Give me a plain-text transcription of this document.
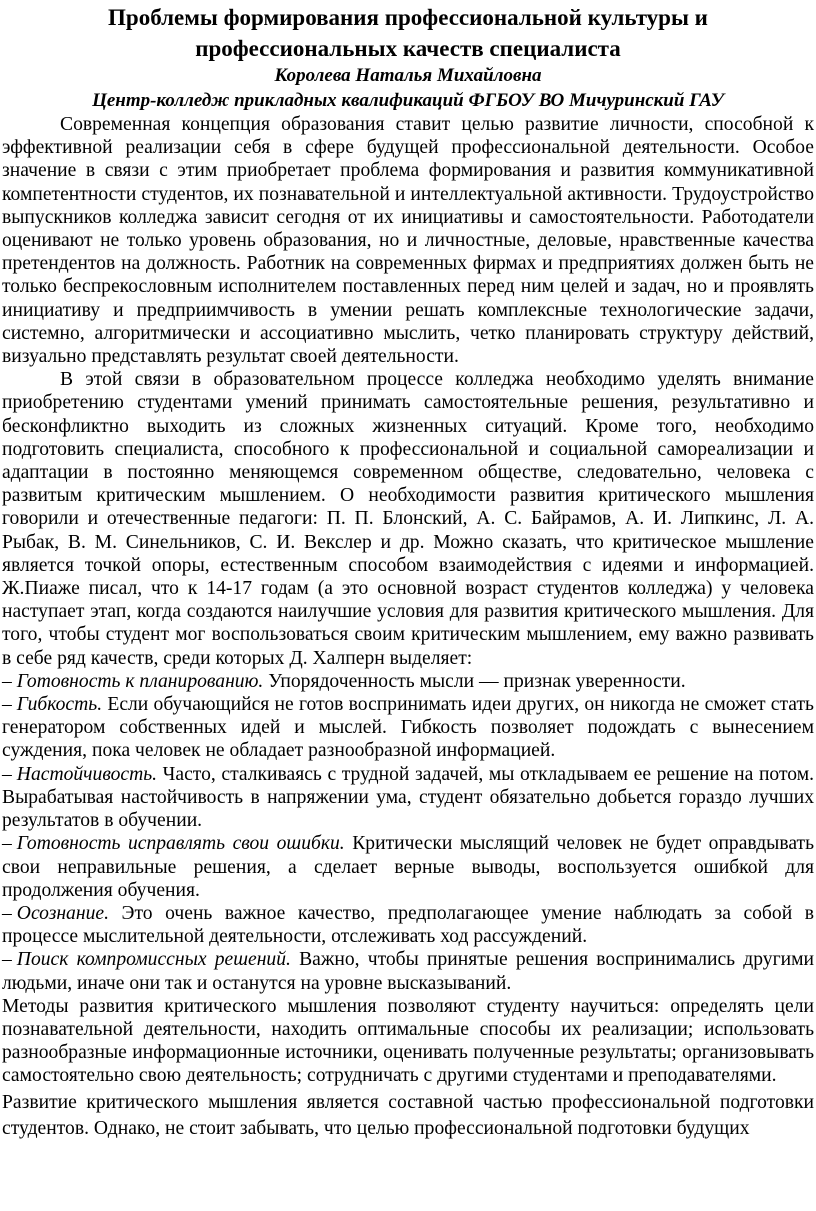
Проблемы формирования профессиональной культуры и
профессиональных качеств специалиста

Королева Наталья Михайловна

Центр-колледж прикладных квалификаций ФГБОУ ВО Мичуринский ГАУ

Современная концепция образования ставит целью развитие личности, способной к эффективной реализации себя в сфере будущей профессиональной деятельности. Особое значение в связи с этим приобретает проблема формирования и развития коммуникативной компетентности студентов, их познавательной и интеллектуальной активности. Трудоустройство выпускников колледжа зависит сегодня от их инициативы и самостоятельности. Работодатели оценивают не только уровень образования, но и личностные, деловые, нравственные качества претендентов на должность. Работник на современных фирмах и предприятиях должен быть не только беспрекословным исполнителем поставленных перед ним целей и задач, но и проявлять инициативу и предприимчивость в умении решать комплексные технологические задачи, системно, алгоритмически и ассоциативно мыслить, четко планировать структуру действий, визуально представлять результат своей деятельности.

В этой связи в образовательном процессе колледжа необходимо уделять внимание приобретению студентами умений принимать самостоятельные решения, результативно и бесконфликтно выходить из сложных жизненных ситуаций. Кроме того, необходимо подготовить специалиста, способного к профессиональной и социальной самореализации и адаптации в постоянно меняющемся современном обществе, следовательно, человека с развитым критическим мышлением. О необходимости развития критического мышления говорили и отечественные педагоги: П. П. Блонский, А. С. Байрамов, А. И. Липкинс, Л. А. Рыбак, В. М. Синельников, С. И. Векслер и др. Можно сказать, что критическое мышление является точкой опоры, естественным способом взаимодействия с идеями и информацией. Ж.Пиаже писал, что к 14-17 годам (а это основной возраст студентов колледжа) у человека наступает этап, когда создаются наилучшие условия для развития критического мышления. Для того, чтобы студент мог воспользоваться своим критическим мышлением, ему важно развивать в себе ряд качеств, среди которых Д. Халперн выделяет:

– Готовность к планированию. Упорядоченность мысли — признак уверенности.

– Гибкость. Если обучающийся не готов воспринимать идеи других, он никогда не сможет стать генератором собственных идей и мыслей. Гибкость позволяет подождать с вынесением суждения, пока человек не обладает разнообразной информацией.

– Настойчивость. Часто, сталкиваясь с трудной задачей, мы откладываем ее решение на потом. Вырабатывая настойчивость в напряжении ума, студент обязательно добьется гораздо лучших результатов в обучении.

– Готовность исправлять свои ошибки. Критически мыслящий человек не будет оправдывать свои неправильные решения, а сделает верные выводы, воспользуется ошибкой для продолжения обучения.

– Осознание. Это очень важное качество, предполагающее умение наблюдать за собой в процессе мыслительной деятельности, отслеживать ход рассуждений.

– Поиск компромиссных решений. Важно, чтобы принятые решения воспринимались другими людьми, иначе они так и останутся на уровне высказываний.

Методы развития критического мышления позволяют студенту научиться: определять цели познавательной деятельности, находить оптимальные способы их реализации; использовать разнообразные информационные источники, оценивать полученные результаты; организовывать самостоятельно свою деятельность; сотрудничать с другими студентами и преподавателями.

Развитие критического мышления является составной частью профессиональной подготовки студентов. Однако, не стоит забывать, что целью профессиональной подготовки будущих
